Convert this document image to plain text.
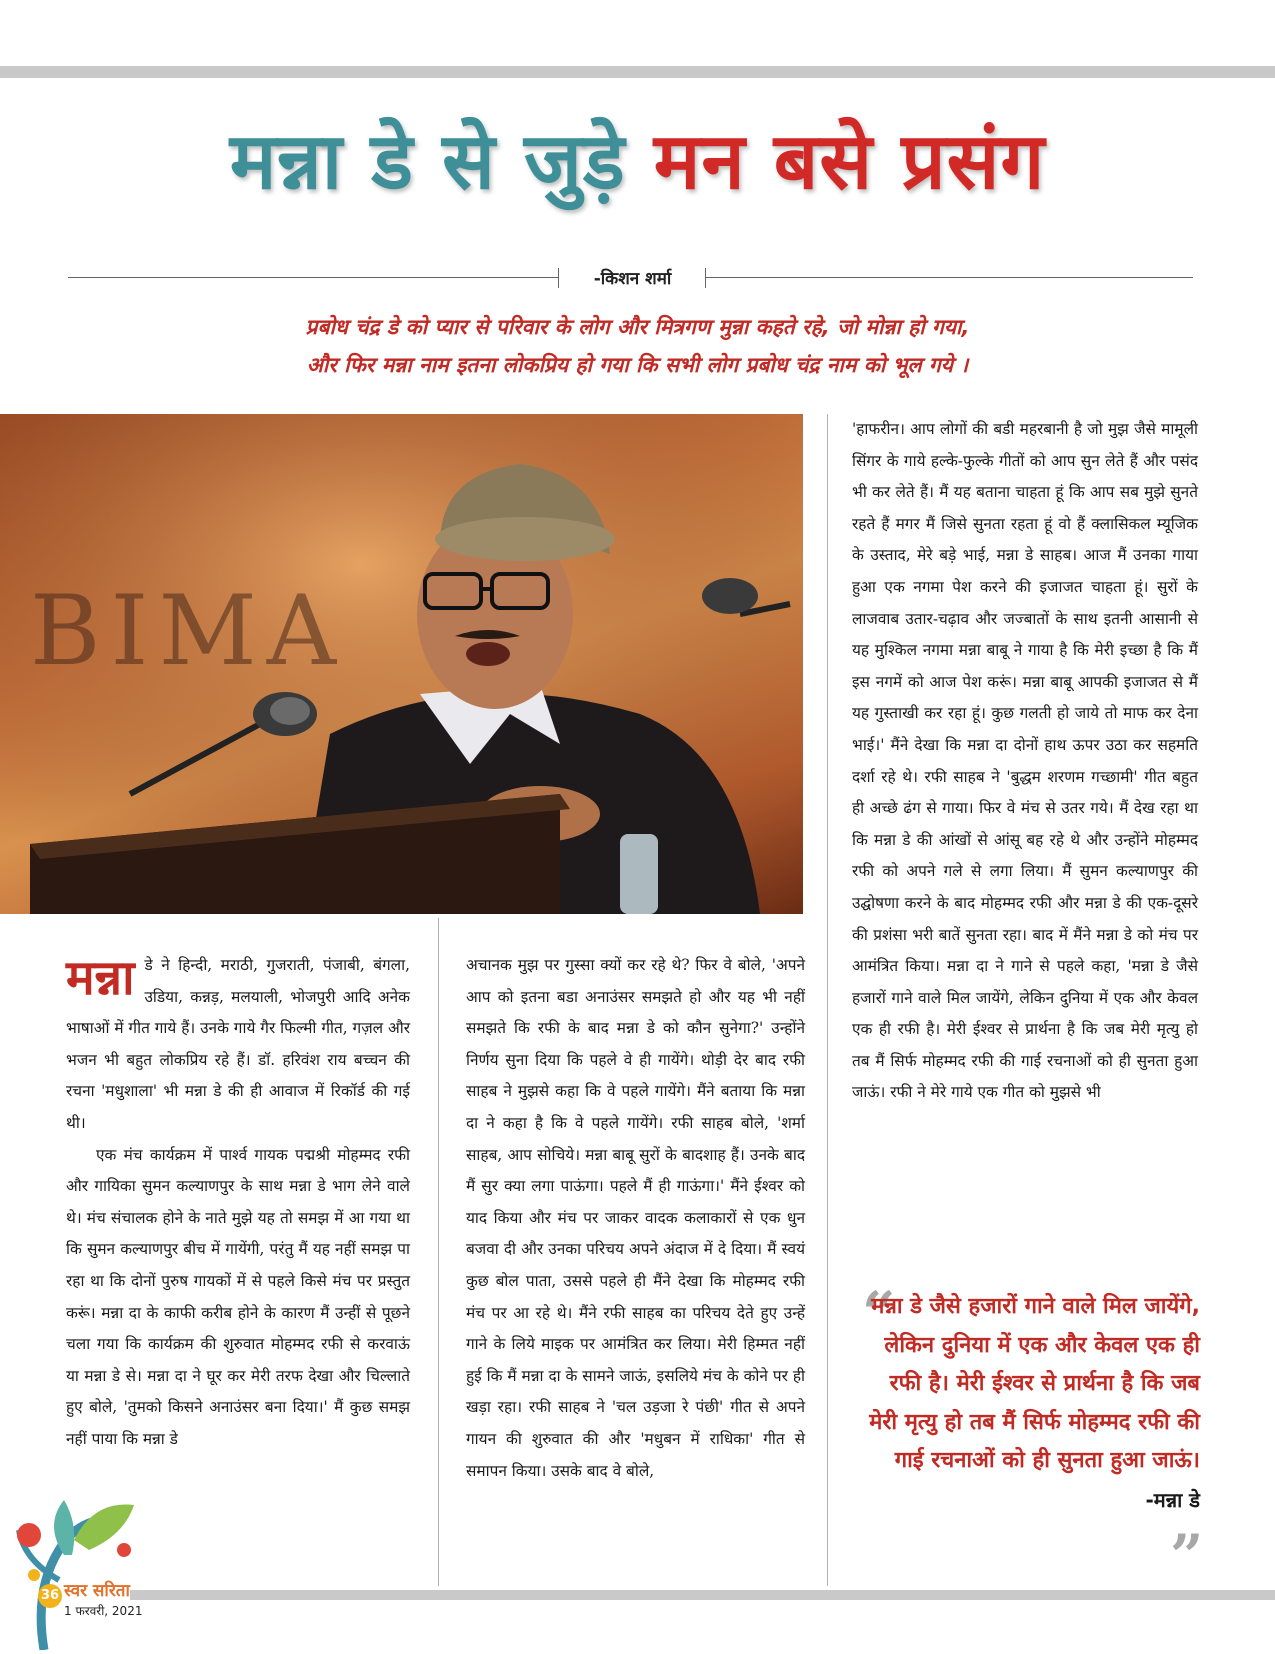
मन्ना डे से जुड़े मन बसे प्रसंग
-किशन शर्मा
प्रबोध चंद्र डे को प्यार से परिवार के लोग और मित्रगण मुन्ना कहते रहे, जो मोन्ना हो गया,
और फिर मन्ना नाम इतना लोकप्रिय हो गया कि सभी लोग प्रबोध चंद्र नाम को भूल गये ।
BIMA
मन्ना डे ने हिन्दी, मराठी, गुजराती, पंजाबी, बंगला, उडिया, कन्नड़, मलयाली, भोजपुरी आदि अनेक भाषाओं में गीत गाये हैं। उनके गाये गैर फिल्मी गीत, गज़ल और भजन भी बहुत लोकप्रिय रहे हैं। डॉ. हरिवंश राय बच्चन की रचना 'मधुशाला' भी मन्ना डे की ही आवाज में रिकॉर्ड की गई थी।

एक मंच कार्यक्रम में पार्श्व गायक पद्मश्री मोहम्मद रफी और गायिका सुमन कल्याणपुर के साथ मन्ना डे भाग लेने वाले थे। मंच संचालक होने के नाते मुझे यह तो समझ में आ गया था कि सुमन कल्याणपुर बीच में गायेंगी, परंतु मैं यह नहीं समझ पा रहा था कि दोनों पुरुष गायकों में से पहले किसे मंच पर प्रस्तुत करूं। मन्ना दा के काफी करीब होने के कारण मैं उन्हीं से पूछने चला गया कि कार्यक्रम की शुरुवात मोहम्मद रफी से करवाऊं या मन्ना डे से। मन्ना दा ने घूर कर मेरी तरफ देखा और चिल्लाते हुए बोले, 'तुमको किसने अनाउंसर बना दिया।' मैं कुछ समझ नहीं पाया कि मन्ना डे

अचानक मुझ पर गुस्सा क्यों कर रहे थे? फिर वे बोले, 'अपने आप को इतना बडा अनाउंसर समझते हो और यह भी नहीं समझते कि रफी के बाद मन्ना डे को कौन सुनेगा?' उन्होंने निर्णय सुना दिया कि पहले वे ही गायेंगे। थोड़ी देर बाद रफी साहब ने मुझसे कहा कि वे पहले गायेंगे। मैंने बताया कि मन्ना दा ने कहा है कि वे पहले गायेंगे। रफी साहब बोले, 'शर्मा साहब, आप सोचिये। मन्ना बाबू सुरों के बादशाह हैं। उनके बाद मैं सुर क्या लगा पाऊंगा। पहले मैं ही गाऊंगा।' मैंने ईश्वर को याद किया और मंच पर जाकर वादक कलाकारों से एक धुन बजवा दी और उनका परिचय अपने अंदाज में दे दिया। मैं स्वयं कुछ बोल पाता, उससे पहले ही मैंने देखा कि मोहम्मद रफी मंच पर आ रहे थे। मैंने रफी साहब का परिचय देते हुए उन्हें गाने के लिये माइक पर आमंत्रित कर लिया। मेरी हिम्मत नहीं हुई कि मैं मन्ना दा के सामने जाऊं, इसलिये मंच के कोने पर ही खड़ा रहा। रफी साहब ने 'चल उड़जा रे पंछी' गीत से अपने गायन की शुरुवात की और 'मधुबन में राधिका' गीत से समापन किया। उसके बाद वे बोले,

'हाफरीन। आप लोगों की बडी महरबानी है जो मुझ जैसे मामूली सिंगर के गाये हल्के-फुल्के गीतों को आप सुन लेते हैं और पसंद भी कर लेते हैं। मैं यह बताना चाहता हूं कि आप सब मुझे सुनते रहते हैं मगर मैं जिसे सुनता रहता हूं वो हैं क्लासिकल म्यूजिक के उस्ताद, मेरे बड़े भाई, मन्ना डे साहब। आज मैं उनका गाया हुआ एक नगमा पेश करने की इजाजत चाहता हूं। सुरों के लाजवाब उतार-चढ़ाव और जज्बातों के साथ इतनी आसानी से यह मुश्किल नगमा मन्ना बाबू ने गाया है कि मेरी इच्छा है कि मैं इस नगमें को आज पेश करूं। मन्ना बाबू आपकी इजाजत से मैं यह गुस्ताखी कर रहा हूं। कुछ गलती हो जाये तो माफ कर देना भाई।' मैंने देखा कि मन्ना दा दोनों हाथ ऊपर उठा कर सहमति दर्शा रहे थे। रफी साहब ने 'बुद्धम शरणम गच्छामी' गीत बहुत ही अच्छे ढंग से गाया। फिर वे मंच से उतर गये। मैं देख रहा था कि मन्ना डे की आंखों से आंसू बह रहे थे और उन्होंने मोहम्मद रफी को अपने गले से लगा लिया। मैं सुमन कल्याणपुर की उद्घोषणा करने के बाद मोहम्मद रफी और मन्ना डे की एक-दूसरे की प्रशंसा भरी बातें सुनता रहा। बाद में मैंने मन्ना डे को मंच पर आमंत्रित किया। मन्ना दा ने गाने से पहले कहा, 'मन्ना डे जैसे हजारों गाने वाले मिल जायेंगे, लेकिन दुनिया में एक और केवल एक ही रफी है। मेरी ईश्वर से प्रार्थना है कि जब मेरी मृत्यु हो तब मैं सिर्फ मोहम्मद रफी की गाई रचनाओं को ही सुनता हुआ जाऊं। रफी ने मेरे गाये एक गीत को मुझसे भी

“
मन्ना डे जैसे हजारों गाने वाले मिल जायेंगे, लेकिन दुनिया में एक और केवल एक ही रफी है। मेरी ईश्वर से प्रार्थना है कि जब मेरी मृत्यु हो तब मैं सिर्फ मोहम्मद रफी की गाई रचनाओं को ही सुनता हुआ जाऊं।
-मन्ना डे
”
36 स्वर सरिता
1 फरवरी, 2021
